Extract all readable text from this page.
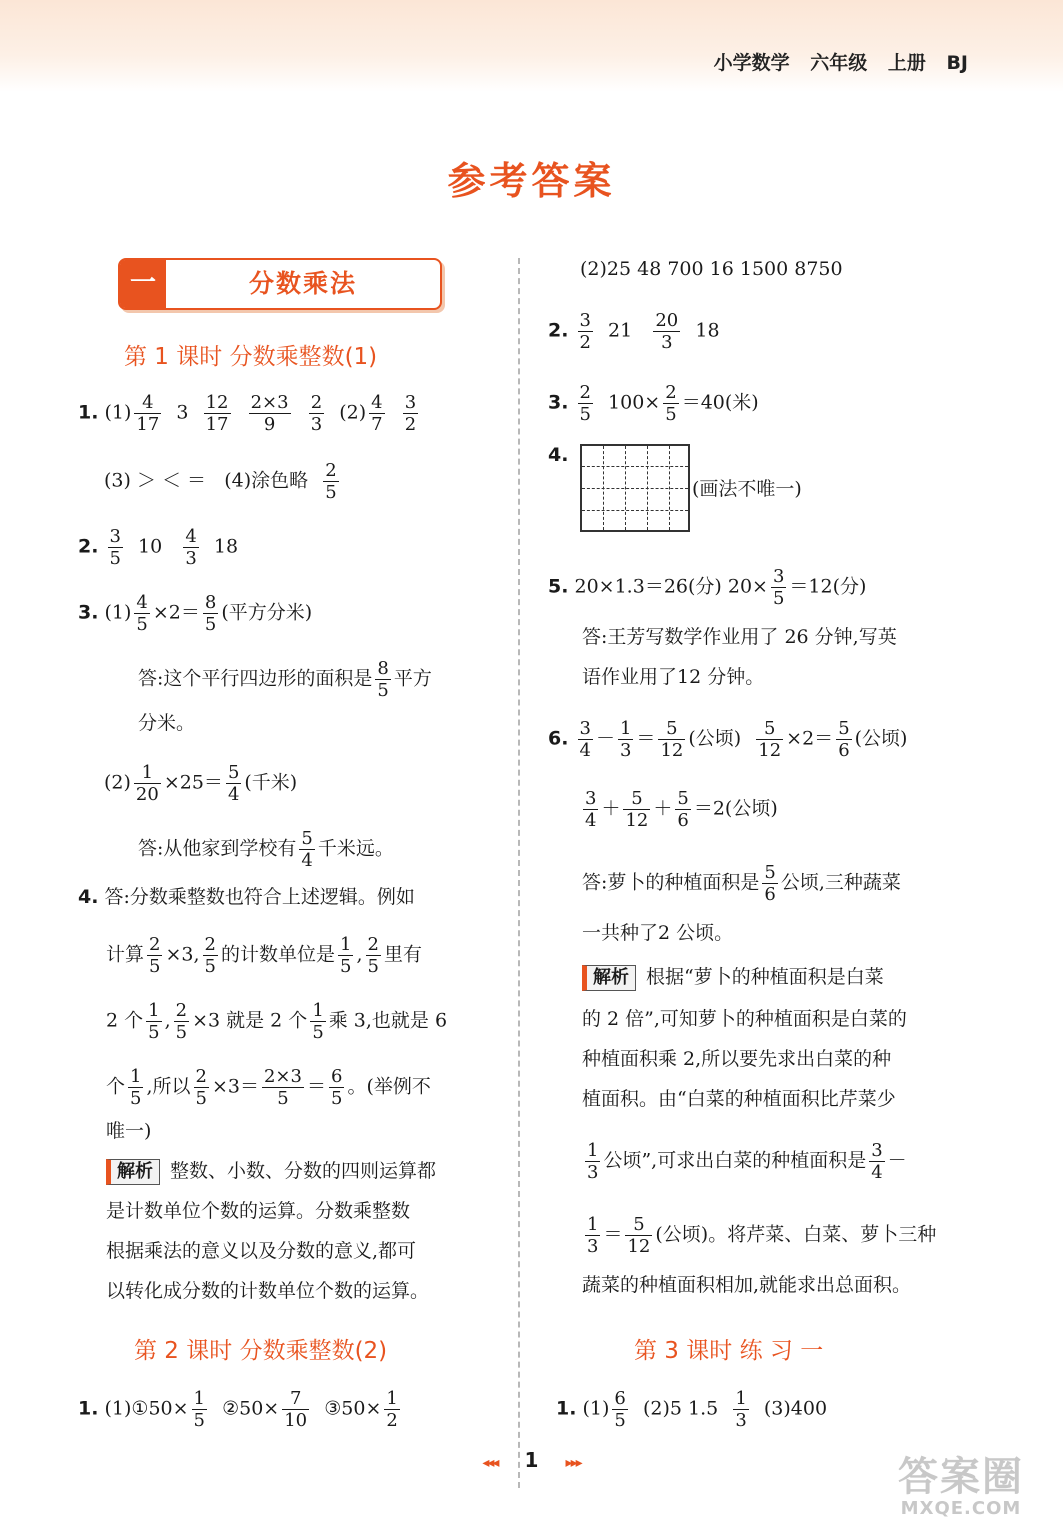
小学数学 六年级 上册 BJ
参考答案
一	分数乘法
第 1 课时 分数乘整数(1)
1. $(1) \frac{4}{17} 3 \frac{12}{17}$
$\frac{2\times 3}{9}$
$\frac{2}{3} (2) \frac{4}{7}$
$\frac{3}{2}$
(3) ＞ ＜ ＝ (4)涂色略 $\frac{2}{5}$
2. $\frac{3}{5} 10 \frac{4}{3} 18$
3. $(1) \frac{4}{5} \times 2= \frac{8}{5}$ (平方分米)
答:这个平行四边形的面积是 $\frac{8}{5}$ 平方
分米。
$(2) \frac{1}{20} \times 25= \frac{5}{4}$ (千米)
答:从他家到学校有 $\frac{5}{4}$ 千米远。
4. 答:分数乘整数也符合上述逻辑。例如
计算 $\frac{2}{5} \times 3$, $\frac{2}{5}$ 的计数单位是 $\frac{1}{5}$ , $\frac{2}{5}$ 里有
2 个 $\frac{1}{5}$ , $\frac{2}{5} \times 3$ 就是 2 个 $\frac{1}{5}$ 乘 3,也就是 6
个 $\frac{1}{5}$ ,所以 $\frac{2}{5} \times 3= \frac{2\times 3}{5} = \frac{6}{5}$ 。(举例不
唯一)
解析 整数、小数、分数的四则运算都
是计数单位个数的运算。分数乘整数
根据乘法的意义以及分数的意义,都可
以转化成分数的计数单位个数的运算。
第 2 课时 分数乘整数(2)
1. (1)①50× $\frac{1}{5}$ ②50× $\frac{7}{10}$ ③50× $\frac{1}{2}$
(2)25 48 700 16 1500 8750
2. $\frac{3}{2} 21 \frac{20}{3} 18$
3. $\frac{2}{5} 100\times \frac{2}{5} =40$(米)
4.
(画法不唯一)
5. 20×1.3＝26(分) $20\times \frac{3}{5} =12$(分)
答:王芳写数学作业用了 26 分钟,写英
语作业用了12 分钟。
6. $\frac{3}{4} - \frac{1}{3} = \frac{5}{12}$ (公顷) $\frac{5}{12} \times 2= \frac{5}{6}$ (公顷)
$\frac{3}{4} + \frac{5}{12} + \frac{5}{6} =2$(公顷)
答:萝卜的种植面积是 $\frac{5}{6}$ 公顷,三种蔬菜
一共种了2 公顷。
解析 根据“萝卜的种植面积是白菜
的 2 倍”,可知萝卜的种植面积是白菜的
种植面积乘 2,所以要先求出白菜的种
植面积。由“白菜的种植面积比芹菜少
$\frac{1}{3}$ 公顷”,可求出白菜的种植面积是 $\frac{3}{4}$ －
$\frac{1}{3} = \frac{5}{12}$ (公顷)。将芹菜、白菜、萝卜三种
蔬菜的种植面积相加,就能求出总面积。
第 3 课时 练 习 一
1. $(1) \frac{6}{5} (2)5$ $1.5 \frac{1}{3} (3)400$
◂◂◂ 1 ▸▸▸	答案圈
MXQE.COM
